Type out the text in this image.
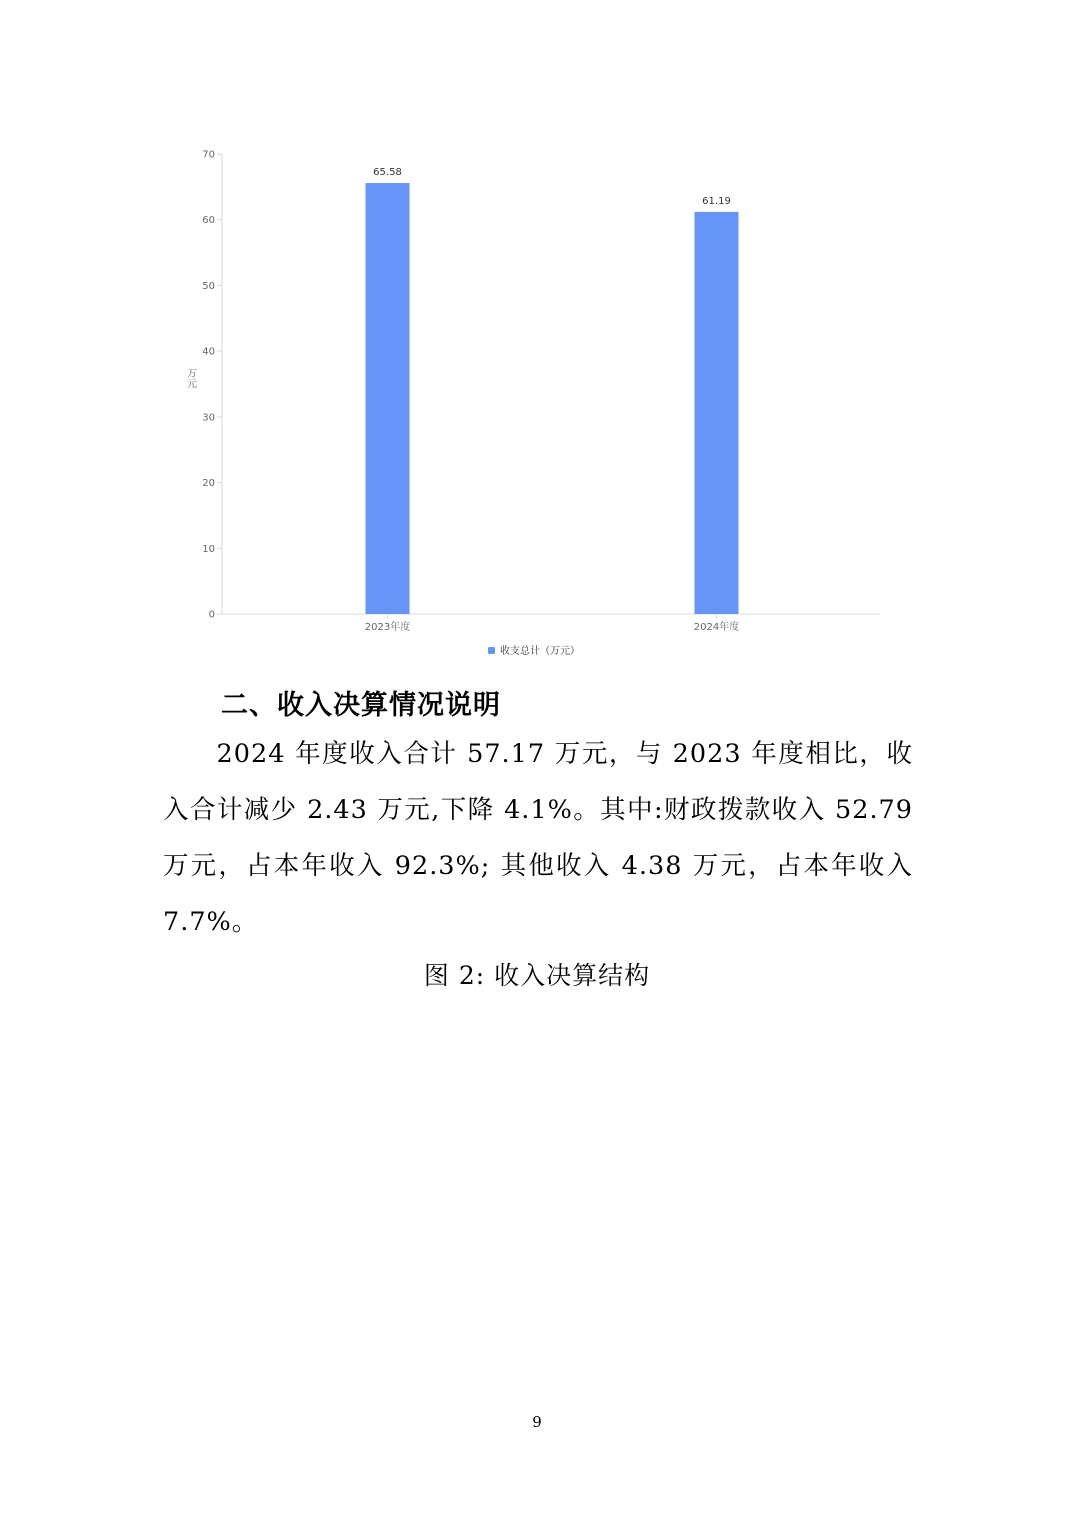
0
10
20
30
40
50
60
70
万元
2023年度	2024年度
65.58
61.19
收支总计（万元）
二、收入决算情况说明

2024 年度收入合计 57.17 万元，与 2023 年度相比，收入合计减少 2.43 万元,下降 4.1%。其中:财政拨款收入 52.79 万元，占本年收入 92.3%; 其他收入 4.38 万元，占本年收入 7.7%。

图 2: 收入决算结构
9
